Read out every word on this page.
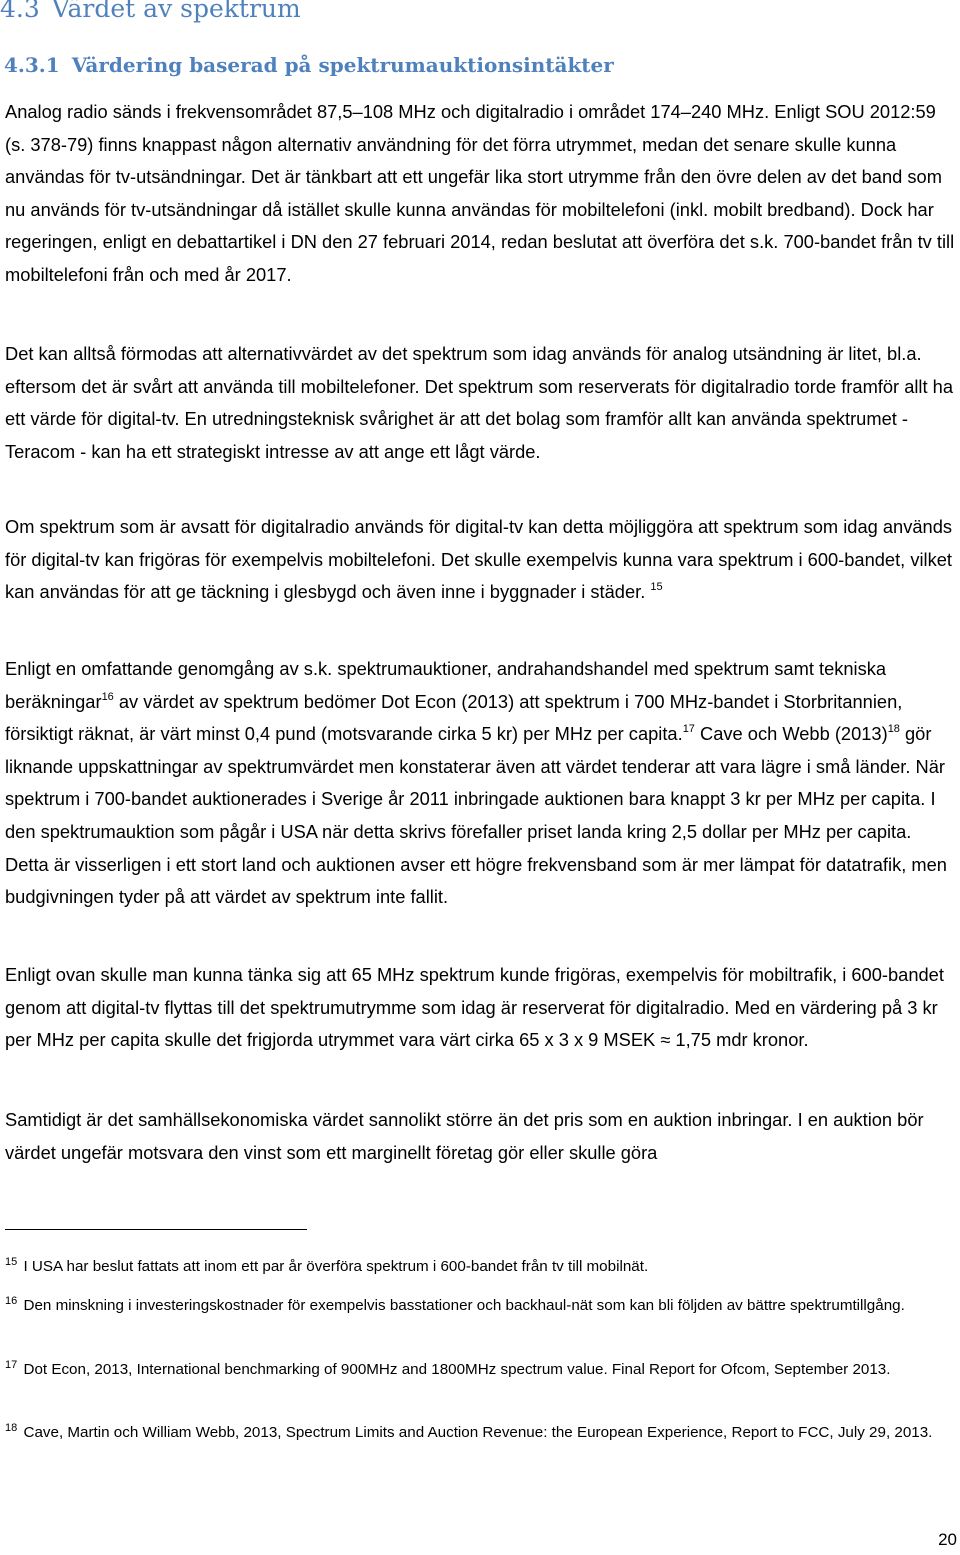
4.3 Värdet av spektrum
4.3.1 Värdering baserad på spektrumauktionsintäkter

Analog radio sänds i frekvensområdet 87,5–108 MHz och digitalradio i området 174–240 MHz. Enligt SOU 2012:59 (s. 378-79) finns knappast någon alternativ användning för det förra utrymmet, medan det senare skulle kunna användas för tv-utsändningar. Det är tänkbart att ett ungefär lika stort utrymme från den övre delen av det band som nu används för tv-utsändningar då istället skulle kunna användas för mobiltelefoni (inkl. mobilt bredband). Dock har regeringen, enligt en debattartikel i DN den 27 februari 2014, redan beslutat att överföra det s.k. 700-bandet från tv till mobiltelefoni från och med år 2017.

Det kan alltså förmodas att alternativvärdet av det spektrum som idag används för analog utsändning är litet, bl.a. eftersom det är svårt att använda till mobiltelefoner. Det spektrum som reserverats för digitalradio torde framför allt ha ett värde för digital-tv. En utredningsteknisk svårighet är att det bolag som framför allt kan använda spektrumet - Teracom - kan ha ett strategiskt intresse av att ange ett lågt värde.

Om spektrum som är avsatt för digitalradio används för digital-tv kan detta möjliggöra att spektrum som idag används för digital-tv kan frigöras för exempelvis mobiltelefoni. Det skulle exempelvis kunna vara spektrum i 600-bandet, vilket kan användas för att ge täckning i glesbygd och även inne i byggnader i städer. $^{15}$

Enligt en omfattande genomgång av s.k. spektrumauktioner, andrahandshandel med spektrum samt tekniska beräkningar$^{16}$ av värdet av spektrum bedömer Dot Econ (2013) att spektrum i 700 MHz-bandet i Storbritannien, försiktigt räknat, är värt minst 0,4 pund (motsvarande cirka 5 kr) per MHz per capita.$^{17}$ Cave och Webb $(2013)^{18}$ gör liknande uppskattningar av spektrumvärdet men konstaterar även att värdet tenderar att vara lägre i små länder. När spektrum i 700-bandet auktionerades i Sverige år 2011 inbringade auktionen bara knappt 3 kr per MHz per capita. I den spektrumauktion som pågår i USA när detta skrivs förefaller priset landa kring 2,5 dollar per MHz per capita. Detta är visserligen i ett stort land och auktionen avser ett högre frekvensband som är mer lämpat för datatrafik, men budgivningen tyder på att värdet av spektrum inte fallit.

Enligt ovan skulle man kunna tänka sig att 65 MHz spektrum kunde frigöras, exempelvis för mobiltrafik, i 600-bandet genom att digital-tv flyttas till det spektrumutrymme som idag är reserverat för digitalradio. Med en värdering på 3 kr per MHz per capita skulle det frigjorda utrymmet vara värt cirka 65 x 3 x 9 MSEK ≈ 1,75 mdr kronor.

Samtidigt är det samhällsekonomiska värdet sannolikt större än det pris som en auktion inbringar. I en auktion bör värdet ungefär motsvara den vinst som ett marginellt företag gör eller skulle göra

$^{15}$ I USA har beslut fattats att inom ett par år överföra spektrum i 600-bandet från tv till mobilnät.

$^{16}$ Den minskning i investeringskostnader för exempelvis basstationer och backhaul-nät som kan bli följden av bättre spektrumtillgång.

$^{17}$ Dot Econ, 2013, International benchmarking of 900MHz and 1800MHz spectrum value. Final Report for Ofcom, September 2013.

$^{18}$ Cave, Martin och William Webb, 2013, Spectrum Limits and Auction Revenue: the European Experience, Report to FCC, July 29, 2013.

20
